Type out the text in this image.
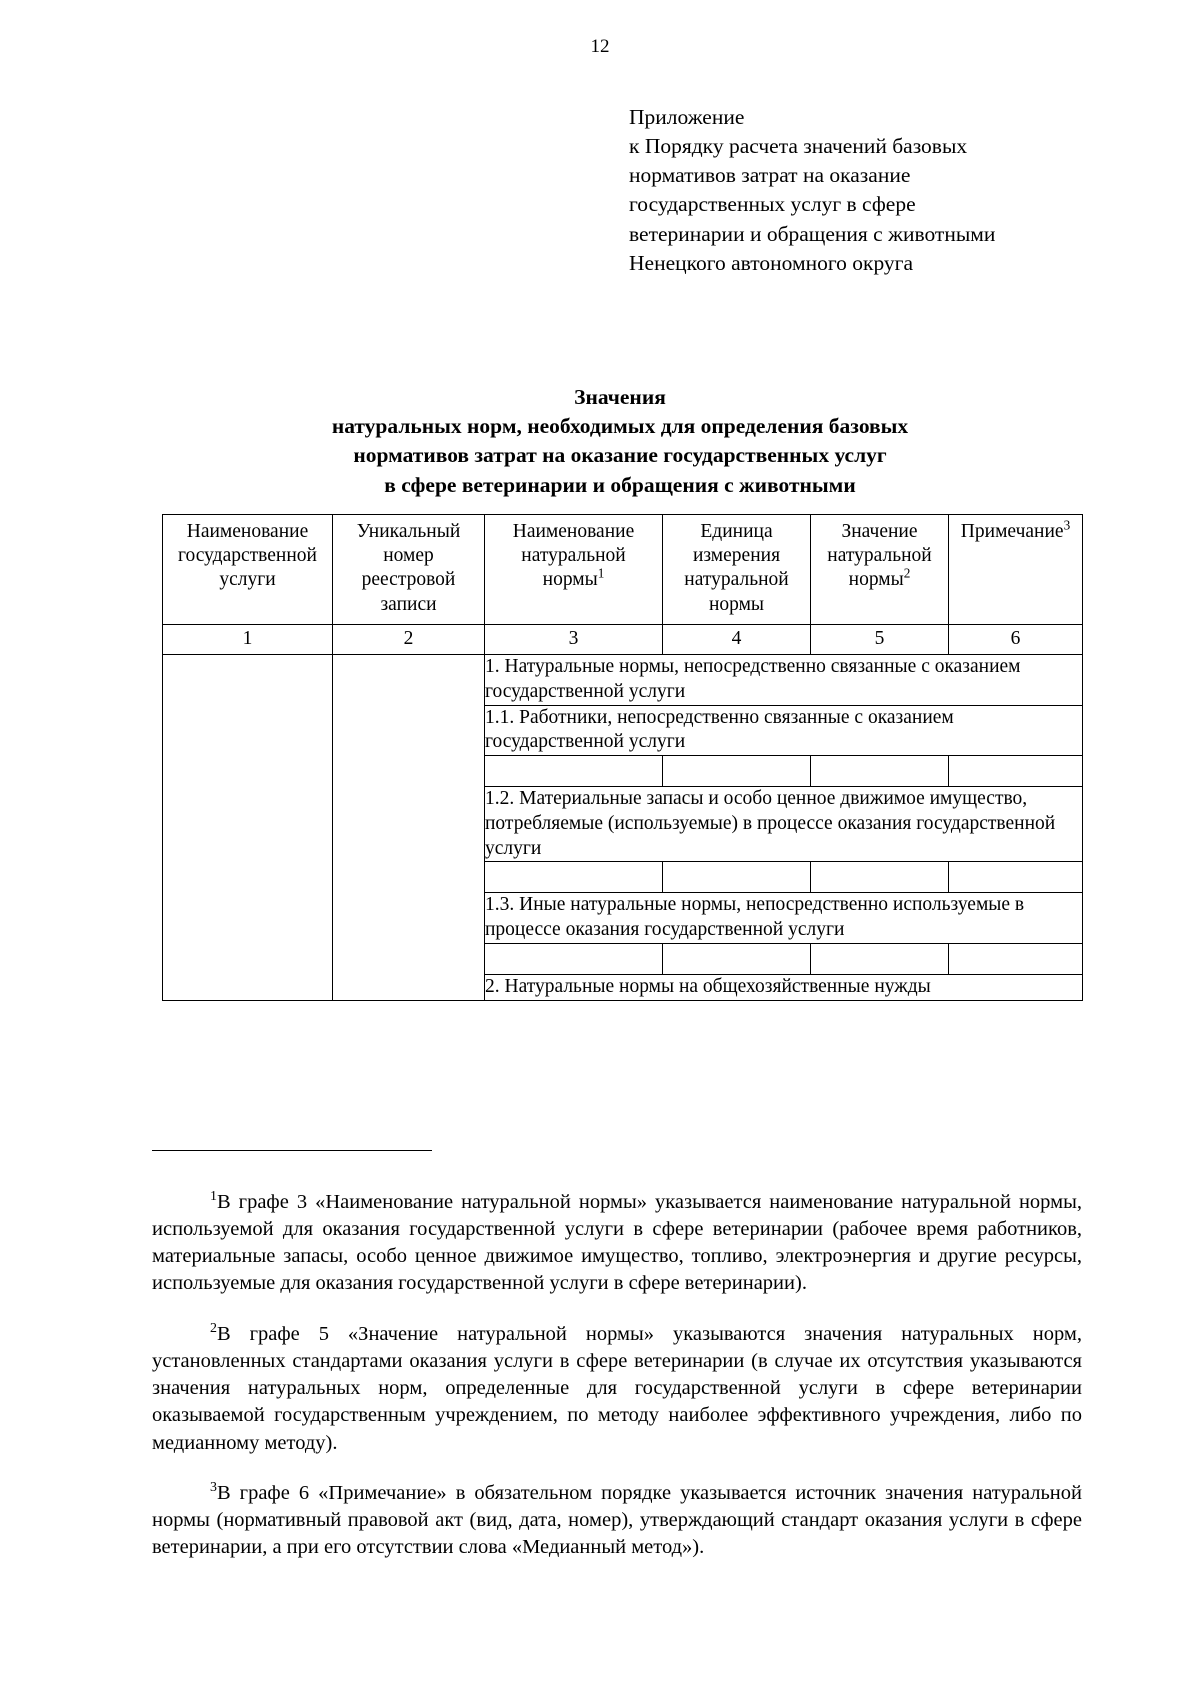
12
Приложение
к Порядку расчета значений базовых
нормативов затрат на оказание
государственных услуг в сфере
ветеринарии и обращения с животными
Ненецкого автономного округа
Значения
натуральных норм, необходимых для определения базовых
нормативов затрат на оказание государственных услуг
в сфере ветеринарии и обращения с животными
Наименование государственной услуги	Уникальный номер реестровой записи	Наименование натуральной нормы$^1$	Единица измерения натуральной нормы	Значение натуральной нормы$^2$	Примечание$^3$
1	2	3	4	5	6
		1. Натуральные нормы, непосредственно связанные с оказанием государственной услуги			
		1.1. Работники, непосредственно связанные с оказанием государственной услуги			

		1.2. Материальные запасы и особо ценное движимое имущество, потребляемые (используемые) в процессе оказания государственной услуги			

		1.3. Иные натуральные нормы, непосредственно используемые в процессе оказания государственной услуги			

		2. Натуральные нормы на общехозяйственные нужды			

$^1$В графе 3 «Наименование натуральной нормы» указывается наименование натуральной нормы, используемой для оказания государственной услуги в сфере ветеринарии (рабочее время работников, материальные запасы, особо ценное движимое имущество, топливо, электроэнергия и другие ресурсы, используемые для оказания государственной услуги в сфере ветеринарии).

$^2$В графе 5 «Значение натуральной нормы» указываются значения натуральных норм, установленных стандартами оказания услуги в сфере ветеринарии (в случае их отсутствия указываются значения натуральных норм, определенные для государственной услуги в сфере ветеринарии оказываемой государственным учреждением, по методу наиболее эффективного учреждения, либо по медианному методу).

$^3$В графе 6 «Примечание» в обязательном порядке указывается источник значения натуральной нормы (нормативный правовой акт (вид, дата, номер), утверждающий стандарт оказания услуги в сфере ветеринарии, а при его отсутствии слова «Медианный метод»).
